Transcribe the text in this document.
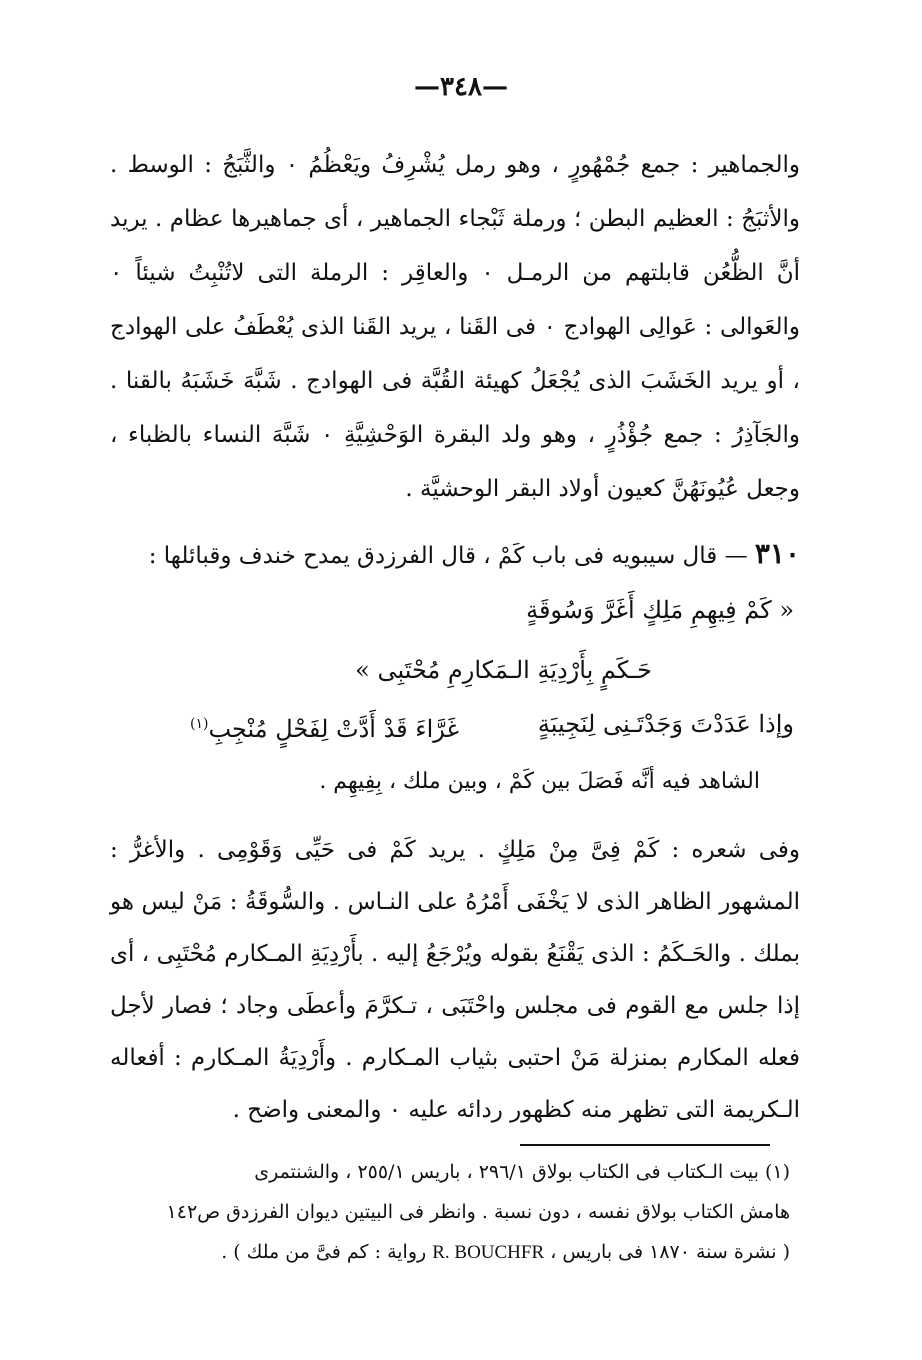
—٣٤٨—

والجماهير : جمع جُمْهُورٍ ، وهو رمل يُشْرِفُ ويَعْظُمُ ۰ والثَّبَجُ : الوسط . والأثبَجُ : العظيم البطن ؛ ورملة ثَبْجاء الجماهير ، أى جماهيرها عظام . يريد أنَّ الظُّعُن قابلتهم من الرمـل ۰ والعاقِر : الرملة التى لاتُنْبِتُ شيئاً ۰ والعَوالى : عَوالِى الهوادج ۰ فى القَنا ، يريد القَنا الذى يُعْطَفُ على الهوادج ، أو يريد الخَشَبَ الذى يُجْعَلُ كهيئة القُبَّة فى الهوادج . شَبَّهَ خَشَبَهُ بالقنا . والجَآذِرُ : جمع جُؤْذُرٍ ، وهو ولد البقرة الوَحْشِيَّةِ ۰ شَبَّهَ النساء بالظباء ، وجعل عُيُونَهُنَّ كعيون أولاد البقر الوحشيَّة .

٣١٠ — قال سيبويه فى باب كَمْ ، قال الفرزدق يمدح خندف وقبائلها :
« كَمْ فِيهِمِ مَلِكٍ أَغَرَّ وَسُوقَةٍ
حَـكَمٍ بِأَرْدِيَةِ الـمَكارِمِ مُحْتَبِى »
وإذا عَدَدْتَ وَجَدْتَـنِى لِنَجِيبَةٍ
غَرَّاءَ قَدْ أَدَّتْ لِفَحْلٍ مُنْجِبِ$^{(١)}$
الشاهد فيه أنَّه فَصَلَ بين كَمْ ، وبين ملك ، بِفِيهِم .

وفى شعره : كَمْ فِىَّ مِنْ مَلِكٍ . يريد كَمْ فى حَيِّى وَقَوْمِى . والأغرُّ : المشهور الظاهر الذى لا يَخْفَى أَمْرُهُ على النـاس . والسُّوقَةُ : مَنْ ليس هو بملك . والحَـكَمُ : الذى يَقْنَعُ بقوله ويُرْجَعُ إليه . بأَرْدِيَةِ المـكارم مُحْتَبِى ، أى إذا جلس مع القوم فى مجلس واحْتَبَى ، تـكرَّمَ وأعطَى وجاد ؛ فصار لأجل فعله المكارم بمنزلة مَنْ احتبى بثياب المـكارم . وأَرْدِيَةُ المـكارم : أفعاله الـكريمة التى تظهر منه كظهور ردائه عليه ۰ والمعنى واضح .

(١) بيت الـكتاب فى الكتاب بولاق ٢٩٦/١ ، باريس ٢٥٥/١ ، والشنتمرى
هامش الكتاب بولاق نفسه ، دون نسبة . وانظر فى البيتين ديوان الفرزدق ص١٤٢
( نشرة سنة ١٨٧٠ فى باريس ، R. BOUCHFR رواية : كم فىَّ من ملك ) .
